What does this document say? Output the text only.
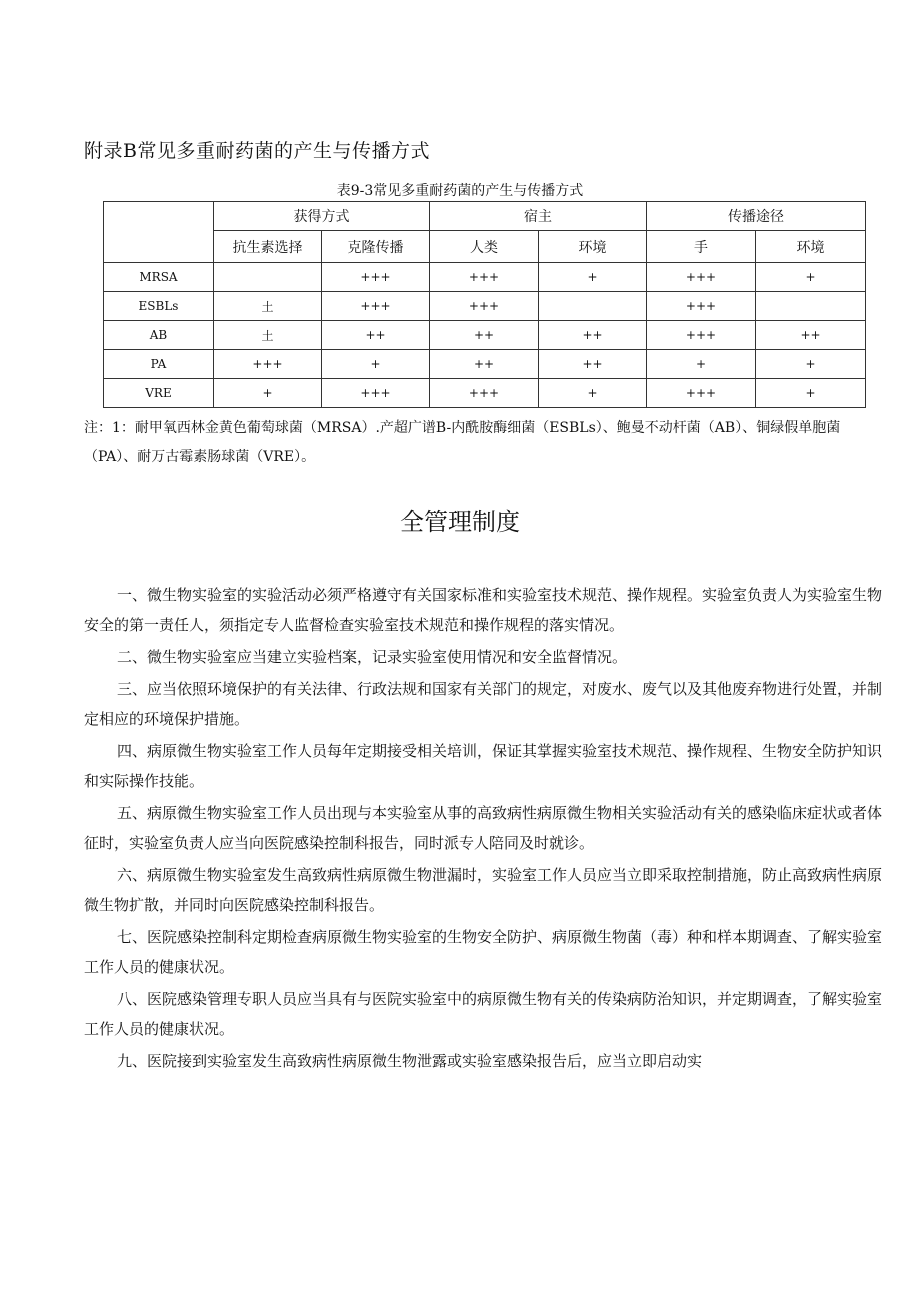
附录B常见多重耐药菌的产生与传播方式
表9-3常见多重耐药菌的产生与传播方式
	获得方式		宿主		传播途径	
	抗生素选择	克隆传播	人类	环境	手	环境
MRSA		+++	+++	+	+++	+
ESBLs	土	+++	+++		+++	
AB	土	++	++	++	+++	++
PA	+++	+	++	++	+	+
VRE	+	+++	+++	+	+++	+
注：1：耐甲氧西林金黄色葡萄球菌（MRSA）.产超广谱B-内酰胺酶细菌（ESBLs）、鲍曼不动杆菌（AB）、铜绿假单胞菌（PA）、耐万古霉素肠球菌（VRE）。
全管理制度

一、微生物实验室的实验活动必须严格遵守有关国家标准和实验室技术规范、操作规程。实验室负责人为实验室生物安全的第一责任人，须指定专人监督检查实验室技术规范和操作规程的落实情况。

二、微生物实验室应当建立实验档案，记录实验室使用情况和安全监督情况。

三、应当依照环境保护的有关法律、行政法规和国家有关部门的规定，对废水、废气以及其他废弃物进行处置，并制定相应的环境保护措施。

四、病原微生物实验室工作人员每年定期接受相关培训，保证其掌握实验室技术规范、操作规程、生物安全防护知识和实际操作技能。

五、病原微生物实验室工作人员出现与本实验室从事的高致病性病原微生物相关实验活动有关的感染临床症状或者体征时，实验室负责人应当向医院感染控制科报告，同时派专人陪同及时就诊。

六、病原微生物实验室发生高致病性病原微生物泄漏时，实验室工作人员应当立即采取控制措施，防止高致病性病原微生物扩散，并同时向医院感染控制科报告。

七、医院感染控制科定期检查病原微生物实验室的生物安全防护、病原微生物菌（毒）种和样本期调查、了解实验室工作人员的健康状况。

八、医院感染管理专职人员应当具有与医院实验室中的病原微生物有关的传染病防治知识，并定期调查，了解实验室工作人员的健康状况。

九、医院接到实验室发生高致病性病原微生物泄露或实验室感染报告后，应当立即启动实
